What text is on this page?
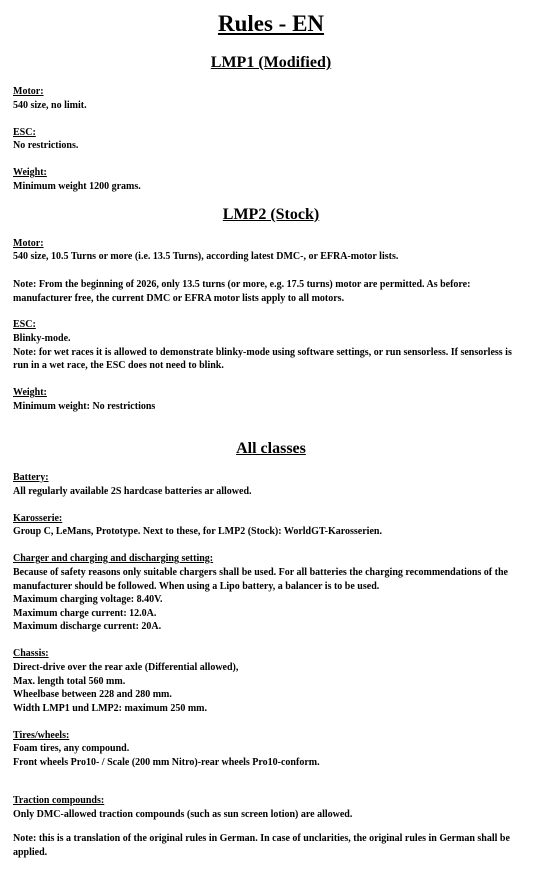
Rules - EN
LMP1 (Modified)
Motor:
540 size, no limit.
ESC:
No restrictions.
Weight:
Minimum weight 1200 grams.
LMP2 (Stock)
Motor:
540 size, 10.5 Turns or more (i.e. 13.5 Turns), according latest DMC-, or EFRA-motor lists.
Note: From the beginning of 2026, only 13.5 turns (or more, e.g. 17.5 turns) motor are permitted. As before:
manufacturer free, the current DMC or EFRA motor lists apply to all motors.
ESC:
Blinky-mode.
Note: for wet races it is allowed to demonstrate blinky-mode using software settings, or run sensorless. If sensorless is
run in a wet race, the ESC does not need to blink.
Weight:
Minimum weight: No restrictions
All classes
Battery:
All regularly available 2S hardcase batteries ar allowed.
Karosserie:
Group C, LeMans, Prototype. Next to these, for LMP2 (Stock): WorldGT-Karosserien.
Charger and charging and discharging setting:
Because of safety reasons only suitable chargers shall be used. For all batteries the charging recommendations of the
manufacturer should be followed. When using a Lipo battery, a balancer is to be used.
Maximum charging voltage: 8.40V.
Maximum charge current: 12.0A.
Maximum discharge current: 20A.
Chassis:
Direct-drive over the rear axle (Differential allowed),
Max. length total 560 mm.
Wheelbase between 228 and 280 mm.
Width LMP1 und LMP2: maximum 250 mm.
Tires/wheels:
Foam tires, any compound.
Front wheels Pro10- / Scale (200 mm Nitro)-rear wheels Pro10-conform.
Traction compounds:
Only DMC-allowed traction compounds (such as sun screen lotion) are allowed.
Note: this is a translation of the original rules in German. In case of unclarities, the original rules in German shall be
applied.
